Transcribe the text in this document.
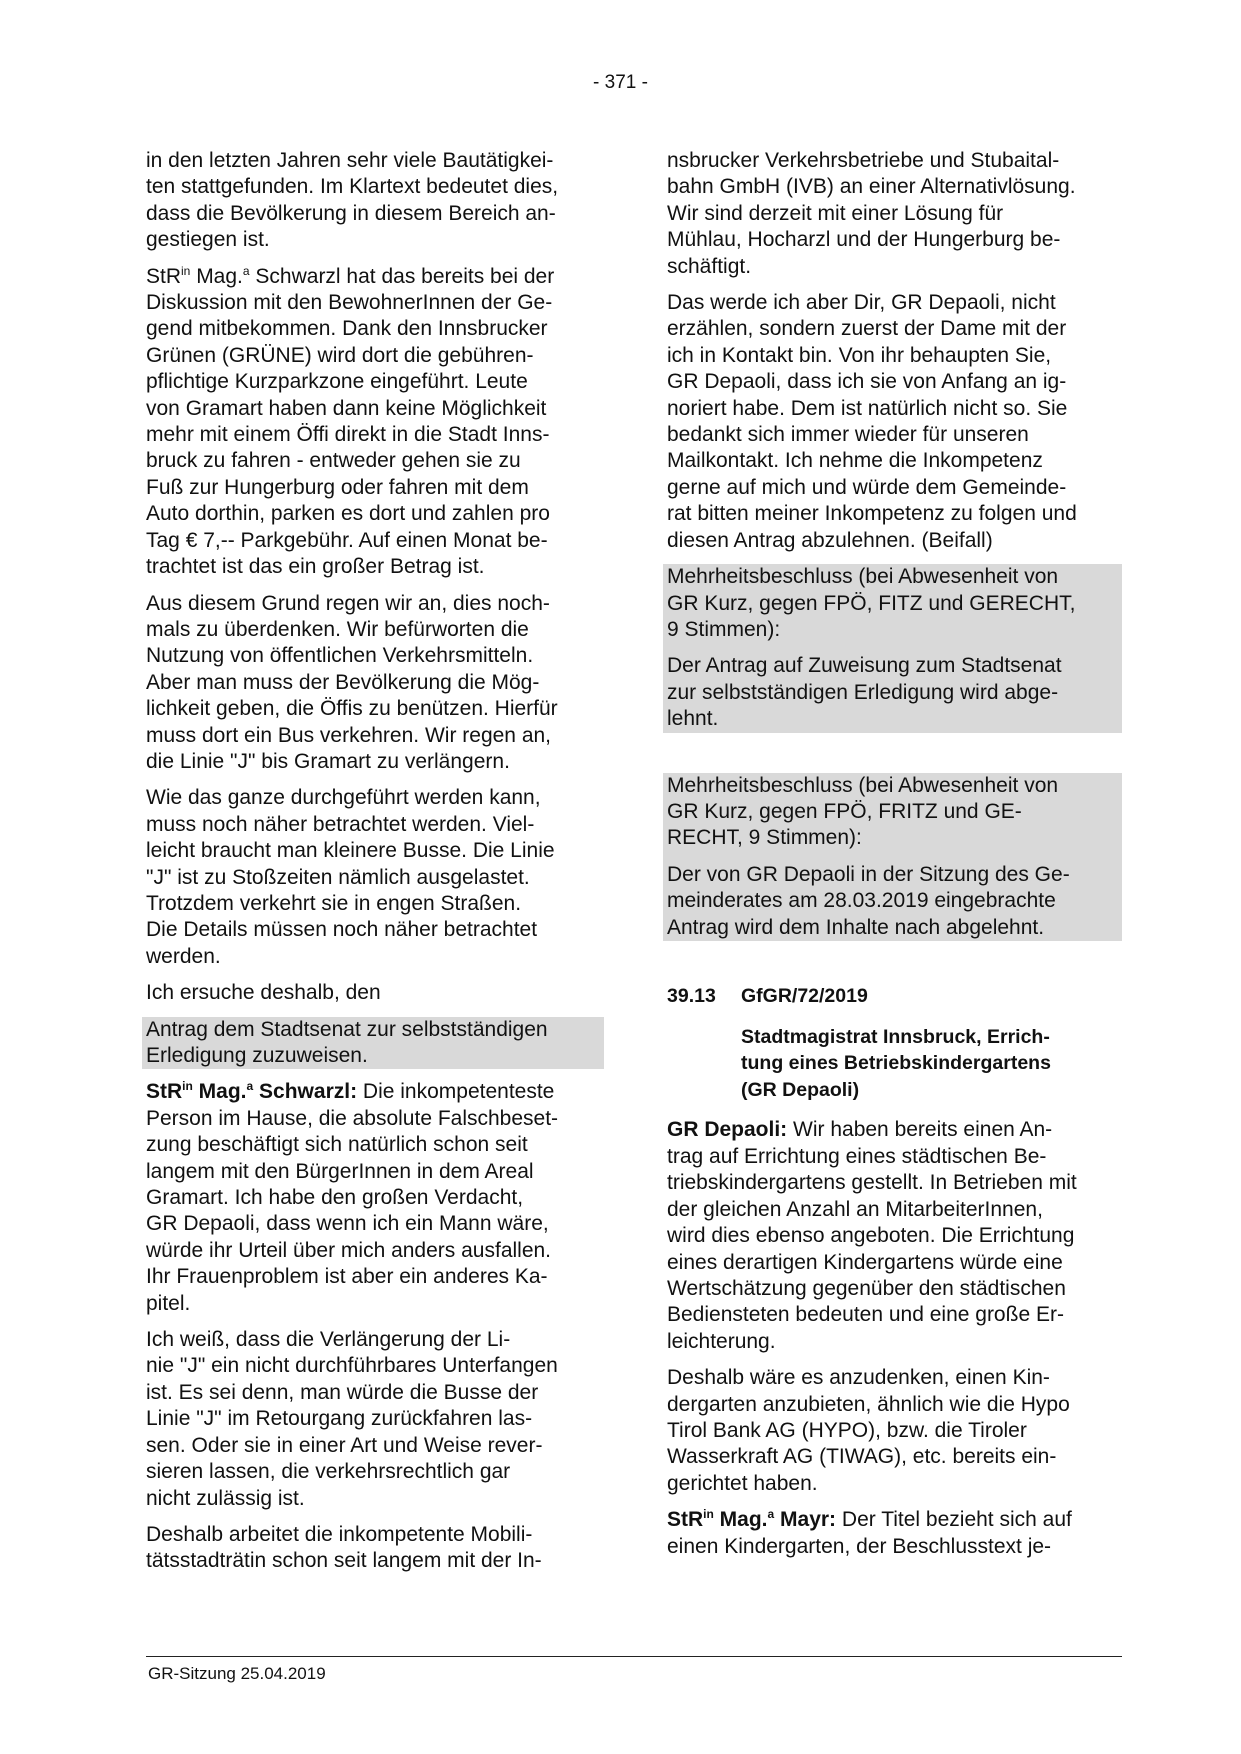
- 371 -
in den letzten Jahren sehr viele Bautätigkei-
ten stattgefunden. Im Klartext bedeutet dies,
dass die Bevölkerung in diesem Bereich an-
gestiegen ist.
StR$^{in}$ Mag.$^a$ Schwarzl hat das bereits bei der
Diskussion mit den BewohnerInnen der Ge-
gend mitbekommen. Dank den Innsbrucker
Grünen (GRÜNE) wird dort die gebühren-
pflichtige Kurzparkzone eingeführt. Leute
von Gramart haben dann keine Möglichkeit
mehr mit einem Öffi direkt in die Stadt Inns-
bruck zu fahren - entweder gehen sie zu
Fuß zur Hungerburg oder fahren mit dem
Auto dorthin, parken es dort und zahlen pro
Tag € 7,-- Parkgebühr. Auf einen Monat be-
trachtet ist das ein großer Betrag ist.
Aus diesem Grund regen wir an, dies noch-
mals zu überdenken. Wir befürworten die
Nutzung von öffentlichen Verkehrsmitteln.
Aber man muss der Bevölkerung die Mög-
lichkeit geben, die Öffis zu benützen. Hierfür
muss dort ein Bus verkehren. Wir regen an,
die Linie "J" bis Gramart zu verlängern.
Wie das ganze durchgeführt werden kann,
muss noch näher betrachtet werden. Viel-
leicht braucht man kleinere Busse. Die Linie
"J" ist zu Stoßzeiten nämlich ausgelastet.
Trotzdem verkehrt sie in engen Straßen.
Die Details müssen noch näher betrachtet
werden.
Ich ersuche deshalb, den
Antrag dem Stadtsenat zur selbstständigen
Erledigung zuzuweisen.
StR$^{in}$ Mag.$^a$ Schwarzl: Die inkompetenteste
Person im Hause, die absolute Falschbeset-
zung beschäftigt sich natürlich schon seit
langem mit den BürgerInnen in dem Areal
Gramart. Ich habe den großen Verdacht,
GR Depaoli, dass wenn ich ein Mann wäre,
würde ihr Urteil über mich anders ausfallen.
Ihr Frauenproblem ist aber ein anderes Ka-
pitel.
Ich weiß, dass die Verlängerung der Li-
nie "J" ein nicht durchführbares Unterfangen
ist. Es sei denn, man würde die Busse der
Linie "J" im Retourgang zurückfahren las-
sen. Oder sie in einer Art und Weise rever-
sieren lassen, die verkehrsrechtlich gar
nicht zulässig ist.
Deshalb arbeitet die inkompetente Mobili-
tätsstadträtin schon seit langem mit der In-
nsbrucker Verkehrsbetriebe und Stubaital-
bahn GmbH (IVB) an einer Alternativlösung.
Wir sind derzeit mit einer Lösung für
Mühlau, Hocharzl und der Hungerburg be-
schäftigt.
Das werde ich aber Dir, GR Depaoli, nicht
erzählen, sondern zuerst der Dame mit der
ich in Kontakt bin. Von ihr behaupten Sie,
GR Depaoli, dass ich sie von Anfang an ig-
noriert habe. Dem ist natürlich nicht so. Sie
bedankt sich immer wieder für unseren
Mailkontakt. Ich nehme die Inkompetenz
gerne auf mich und würde dem Gemeinde-
rat bitten meiner Inkompetenz zu folgen und
diesen Antrag abzulehnen. (Beifall)
Mehrheitsbeschluss (bei Abwesenheit von
GR Kurz, gegen FPÖ, FITZ und GERECHT,
9 Stimmen):
Der Antrag auf Zuweisung zum Stadtsenat
zur selbstständigen Erledigung wird abge-
lehnt.
Mehrheitsbeschluss (bei Abwesenheit von
GR Kurz, gegen FPÖ, FRITZ und GE-
RECHT, 9 Stimmen):
Der von GR Depaoli in der Sitzung des Ge-
meinderates am 28.03.2019 eingebrachte
Antrag wird dem Inhalte nach abgelehnt.
39.13 GfGR/72/2019
Stadtmagistrat Innsbruck, Errich-
tung eines Betriebskindergartens
(GR Depaoli)
GR Depaoli: Wir haben bereits einen An-
trag auf Errichtung eines städtischen Be-
triebskindergartens gestellt. In Betrieben mit
der gleichen Anzahl an MitarbeiterInnen,
wird dies ebenso angeboten. Die Errichtung
eines derartigen Kindergartens würde eine
Wertschätzung gegenüber den städtischen
Bediensteten bedeuten und eine große Er-
leichterung.
Deshalb wäre es anzudenken, einen Kin-
dergarten anzubieten, ähnlich wie die Hypo
Tirol Bank AG (HYPO), bzw. die Tiroler
Wasserkraft AG (TIWAG), etc. bereits ein-
gerichtet haben.
StR$^{in}$ Mag.$^a$ Mayr: Der Titel bezieht sich auf
einen Kindergarten, der Beschlusstext je-
GR-Sitzung 25.04.2019
